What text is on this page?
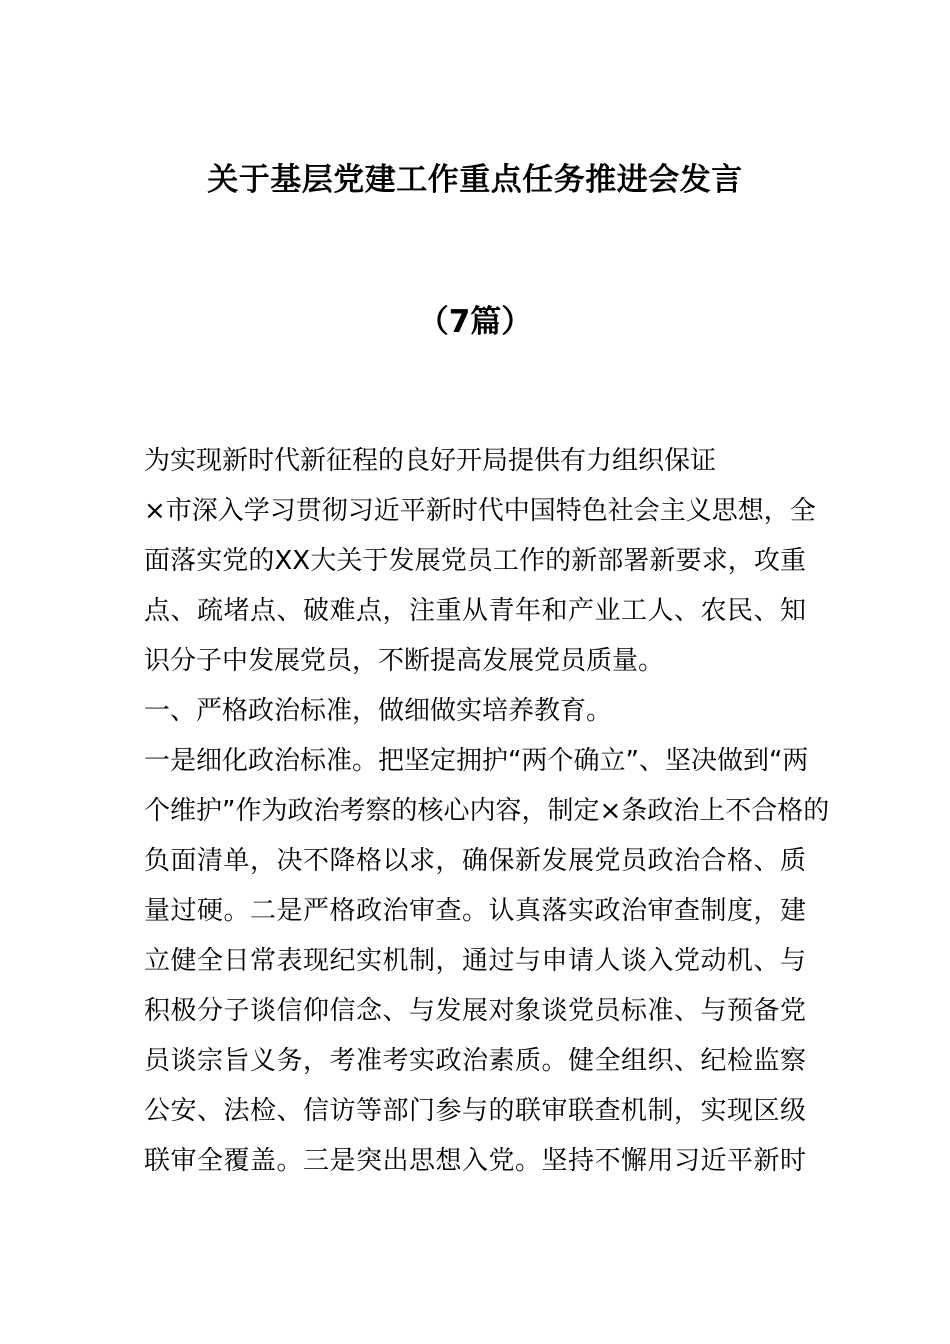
关于基层党建工作重点任务推进会发言
（7篇）
为实现新时代新征程的良好开局提供有力组织保证
×市深入学习贯彻习近平新时代中国特色社会主义思想，全
面落实党的XX大关于发展党员工作的新部署新要求，攻重
点、疏堵点、破难点，注重从青年和产业工人、农民、知
识分子中发展党员，不断提高发展党员质量。
一、严格政治标准，做细做实培养教育。
一是细化政治标准。把坚定拥护“两个确立”、坚决做到“两
个维护”作为政治考察的核心内容，制定×条政治上不合格的
负面清单，决不降格以求，确保新发展党员政治合格、质
量过硬。二是严格政治审查。认真落实政治审查制度，建
立健全日常表现纪实机制，通过与申请人谈入党动机、与
积极分子谈信仰信念、与发展对象谈党员标准、与预备党
员谈宗旨义务，考准考实政治素质。健全组织、纪检监察
公安、法检、信访等部门参与的联审联查机制，实现区级
联审全覆盖。三是突出思想入党。坚持不懈用习近平新时
